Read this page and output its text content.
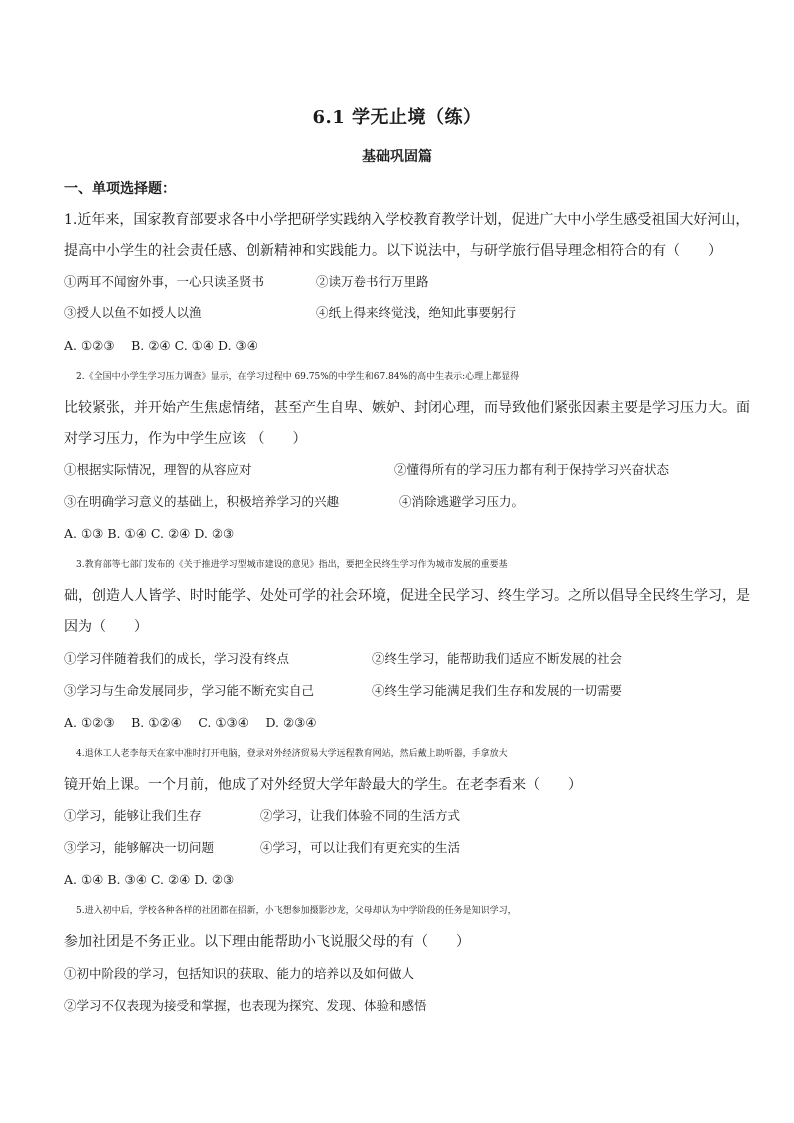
6.1 学无止境（练）
基础巩固篇
一、单项选择题：
1.近年来，国家教育部要求各中小学把研学实践纳入学校教育教学计划，促进广大中小学生感受祖国大好河山，
提高中小学生的社会责任感、创新精神和实践能力。以下说法中，与研学旅行倡导理念相符合的有（　　）
①两耳不闻窗外事，一心只读圣贤书	②读万卷书行万里路
③授人以鱼不如授人以渔	④纸上得来终觉浅，绝知此事要躬行
A. ①②③　 B. ②④ C. ①④ D. ③④
2.《全国中小学生学习压力调查》显示，在学习过程中 69.75%的中学生和67.84%的高中生表示:心理上都显得
比较紧张，并开始产生焦虑情绪，甚至产生自卑、嫉妒、封闭心理，而导致他们紧张因素主要是学习压力大。面
对学习压力，作为中学生应该 （　　）
①根据实际情况，理智的从容应对	②懂得所有的学习压力都有利于保持学习兴奋状态
③在明确学习意义的基础上，积极培养学习的兴趣	④消除逃避学习压力。
A. ①③ B. ①④ C. ②④ D. ②③
3.教育部等七部门发布的《关于推进学习型城市建设的意见》指出，要把全民终生学习作为城市发展的重要基
础，创造人人皆学、时时能学、处处可学的社会环境，促进全民学习、终生学习。之所以倡导全民终生学习，是
因为（　　）
①学习伴随着我们的成长，学习没有终点	②终生学习，能帮助我们适应不断发展的社会
③学习与生命发展同步，学习能不断充实自己	④终生学习能满足我们生存和发展的一切需要
A. ①②③　 B. ①②④　 C. ①③④　 D. ②③④
4.退休工人老李每天在家中准时打开电脑，登录对外经济贸易大学远程教育网站，然后戴上助听器，手拿放大
镜开始上课。一个月前，他成了对外经贸大学年龄最大的学生。在老李看来（　　）
①学习，能够让我们生存	②学习，让我们体验不同的生活方式
③学习，能够解决一切问题	④学习，可以让我们有更充实的生活
A. ①④ B. ③④ C. ②④ D. ②③
5.进入初中后，学校各种各样的社团都在招新，小飞想参加摄影沙龙，父母却认为中学阶段的任务是知识学习，
参加社团是不务正业。以下理由能帮助小飞说服父母的有（　　）
①初中阶段的学习，包括知识的获取、能力的培养以及如何做人
②学习不仅表现为接受和掌握，也表现为探究、发现、体验和感悟
